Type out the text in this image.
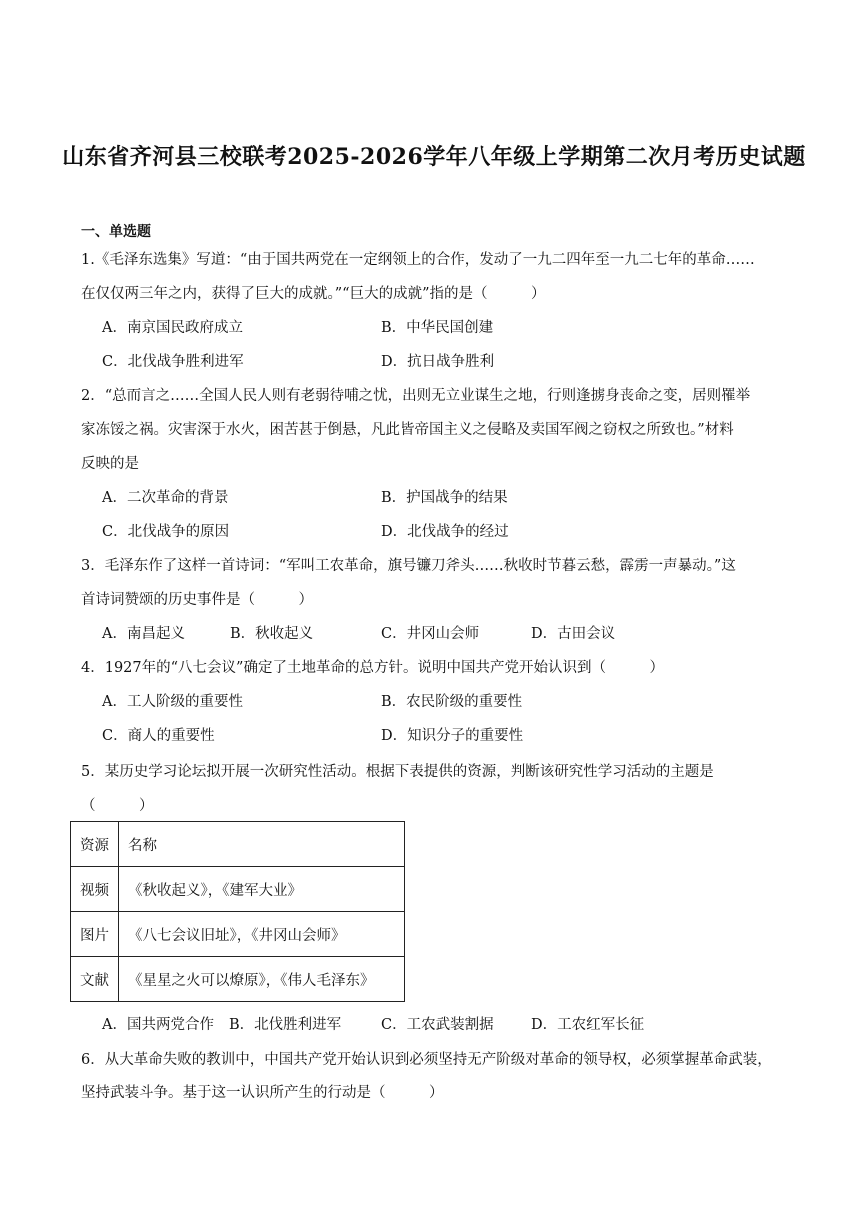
山东省齐河县三校联考2025-2026学年八年级上学期第二次月考历史试题
一、单选题
1.《毛泽东选集》写道：“由于国共两党在一定纲领上的合作，发动了一九二四年至一九二七年的革命……
在仅仅两三年之内，获得了巨大的成就。”“巨大的成就”指的是（　　　）
A．南京国民政府成立	B．中华民国创建
C．北伐战争胜利进军	D．抗日战争胜利
2．“总而言之……全国人民人则有老弱待哺之忧，出则无立业谋生之地，行则逢掳身丧命之变，居则罹举
家冻馁之祸。灾害深于水火，困苦甚于倒悬，凡此皆帝国主义之侵略及卖国军阀之窃权之所致也。”材料
反映的是
A．二次革命的背景	B．护国战争的结果
C．北伐战争的原因	D．北伐战争的经过
3．毛泽东作了这样一首诗词：“军叫工农革命，旗号镰刀斧头……秋收时节暮云愁，霹雳一声暴动。”这
首诗词赞颂的历史事件是（　　　）
A．南昌起义	B．秋收起义	C．井冈山会师	D．古田会议
4．1927年的“八七会议”确定了土地革命的总方针。说明中国共产党开始认识到（　　　）
A．工人阶级的重要性	B．农民阶级的重要性
C．商人的重要性	D．知识分子的重要性
5．某历史学习论坛拟开展一次研究性活动。根据下表提供的资源，判断该研究性学习活动的主题是
（　　　）
资源	名称
视频	《秋收起义》，《建军大业》
图片	《八七会议旧址》，《井冈山会师》
文献	《星星之火可以燎原》，《伟人毛泽东》
A．国共两党合作 B．北伐胜利进军	C．工农武装割据	D．工农红军长征
6．从大革命失败的教训中，中国共产党开始认识到必须坚持无产阶级对革命的领导权，必须掌握革命武装，
坚持武装斗争。基于这一认识所产生的行动是（　　　）
